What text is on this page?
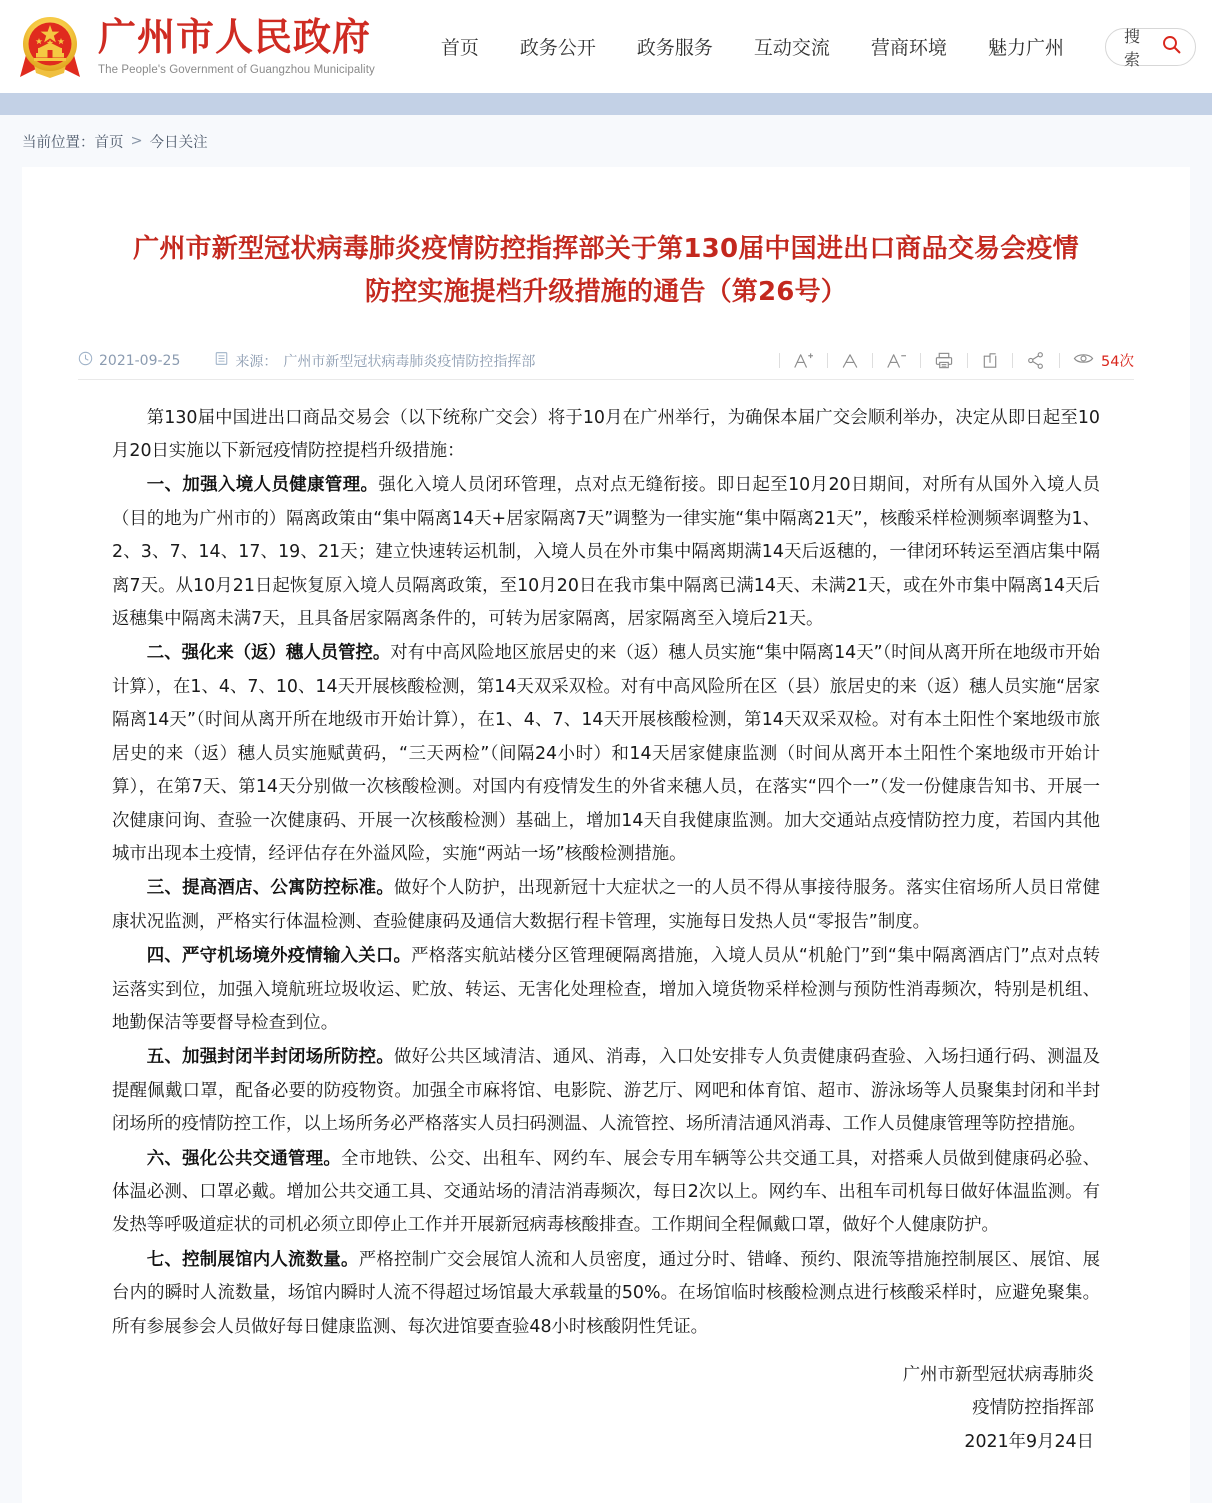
广州市人民政府
The People's Government of Guangzhou Municipality
首页 政务公开 政务服务 互动交流 营商环境 魅力广州
搜索
当前位置： 首页 > 今日关注
广州市新型冠状病毒肺炎疫情防控指挥部关于第130届中国进出口商品交易会疫情防控实施提档升级措施的通告（第26号）
2021-09-25	来源： 广州市新型冠状病毒肺炎疫情防控指挥部	54次

第130届中国进出口商品交易会（以下统称广交会）将于10月在广州举行，为确保本届广交会顺利举办，决定从即日起至10月20日实施以下新冠疫情防控提档升级措施：

一、加强入境人员健康管理。强化入境人员闭环管理，点对点无缝衔接。即日起至10月20日期间，对所有从国外入境人员（目的地为广州市的）隔离政策由“集中隔离14天+居家隔离7天”调整为一律实施“集中隔离21天”，核酸采样检测频率调整为1、2、3、7、14、17、19、21天；建立快速转运机制，入境人员在外市集中隔离期满14天后返穗的，一律闭环转运至酒店集中隔离7天。从10月21日起恢复原入境人员隔离政策，至10月20日在我市集中隔离已满14天、未满21天，或在外市集中隔离14天后返穗集中隔离未满7天，且具备居家隔离条件的，可转为居家隔离，居家隔离至入境后21天。

二、强化来（返）穗人员管控。对有中高风险地区旅居史的来（返）穗人员实施“集中隔离14天”（时间从离开所在地级市开始计算），在1、4、7、10、14天开展核酸检测，第14天双采双检。对有中高风险所在区（县）旅居史的来（返）穗人员实施“居家隔离14天”（时间从离开所在地级市开始计算），在1、4、7、14天开展核酸检测，第14天双采双检。对有本土阳性个案地级市旅居史的来（返）穗人员实施赋黄码，“三天两检”（间隔24小时）和14天居家健康监测（时间从离开本土阳性个案地级市开始计算），在第7天、第14天分别做一次核酸检测。对国内有疫情发生的外省来穗人员，在落实“四个一”（发一份健康告知书、开展一次健康问询、查验一次健康码、开展一次核酸检测）基础上，增加14天自我健康监测。加大交通站点疫情防控力度，若国内其他城市出现本土疫情，经评估存在外溢风险，实施“两站一场”核酸检测措施。

三、提高酒店、公寓防控标准。做好个人防护，出现新冠十大症状之一的人员不得从事接待服务。落实住宿场所人员日常健康状况监测，严格实行体温检测、查验健康码及通信大数据行程卡管理，实施每日发热人员“零报告”制度。

四、严守机场境外疫情输入关口。严格落实航站楼分区管理硬隔离措施，入境人员从“机舱门”到“集中隔离酒店门”点对点转运落实到位，加强入境航班垃圾收运、贮放、转运、无害化处理检查，增加入境货物采样检测与预防性消毒频次，特别是机组、地勤保洁等要督导检查到位。

五、加强封闭半封闭场所防控。做好公共区域清洁、通风、消毒，入口处安排专人负责健康码查验、入场扫通行码、测温及提醒佩戴口罩，配备必要的防疫物资。加强全市麻将馆、电影院、游艺厅、网吧和体育馆、超市、游泳场等人员聚集封闭和半封闭场所的疫情防控工作，以上场所务必严格落实人员扫码测温、人流管控、场所清洁通风消毒、工作人员健康管理等防控措施。

六、强化公共交通管理。全市地铁、公交、出租车、网约车、展会专用车辆等公共交通工具，对搭乘人员做到健康码必验、体温必测、口罩必戴。增加公共交通工具、交通站场的清洁消毒频次，每日2次以上。网约车、出租车司机每日做好体温监测。有发热等呼吸道症状的司机必须立即停止工作并开展新冠病毒核酸排查。工作期间全程佩戴口罩，做好个人健康防护。

七、控制展馆内人流数量。严格控制广交会展馆人流和人员密度，通过分时、错峰、预约、限流等措施控制展区、展馆、展台内的瞬时人流数量，场馆内瞬时人流不得超过场馆最大承载量的50%。在场馆临时核酸检测点进行核酸采样时，应避免聚集。所有参展参会人员做好每日健康监测、每次进馆要查验48小时核酸阴性凭证。

广州市新型冠状病毒肺炎
疫情防控指挥部
2021年9月24日
